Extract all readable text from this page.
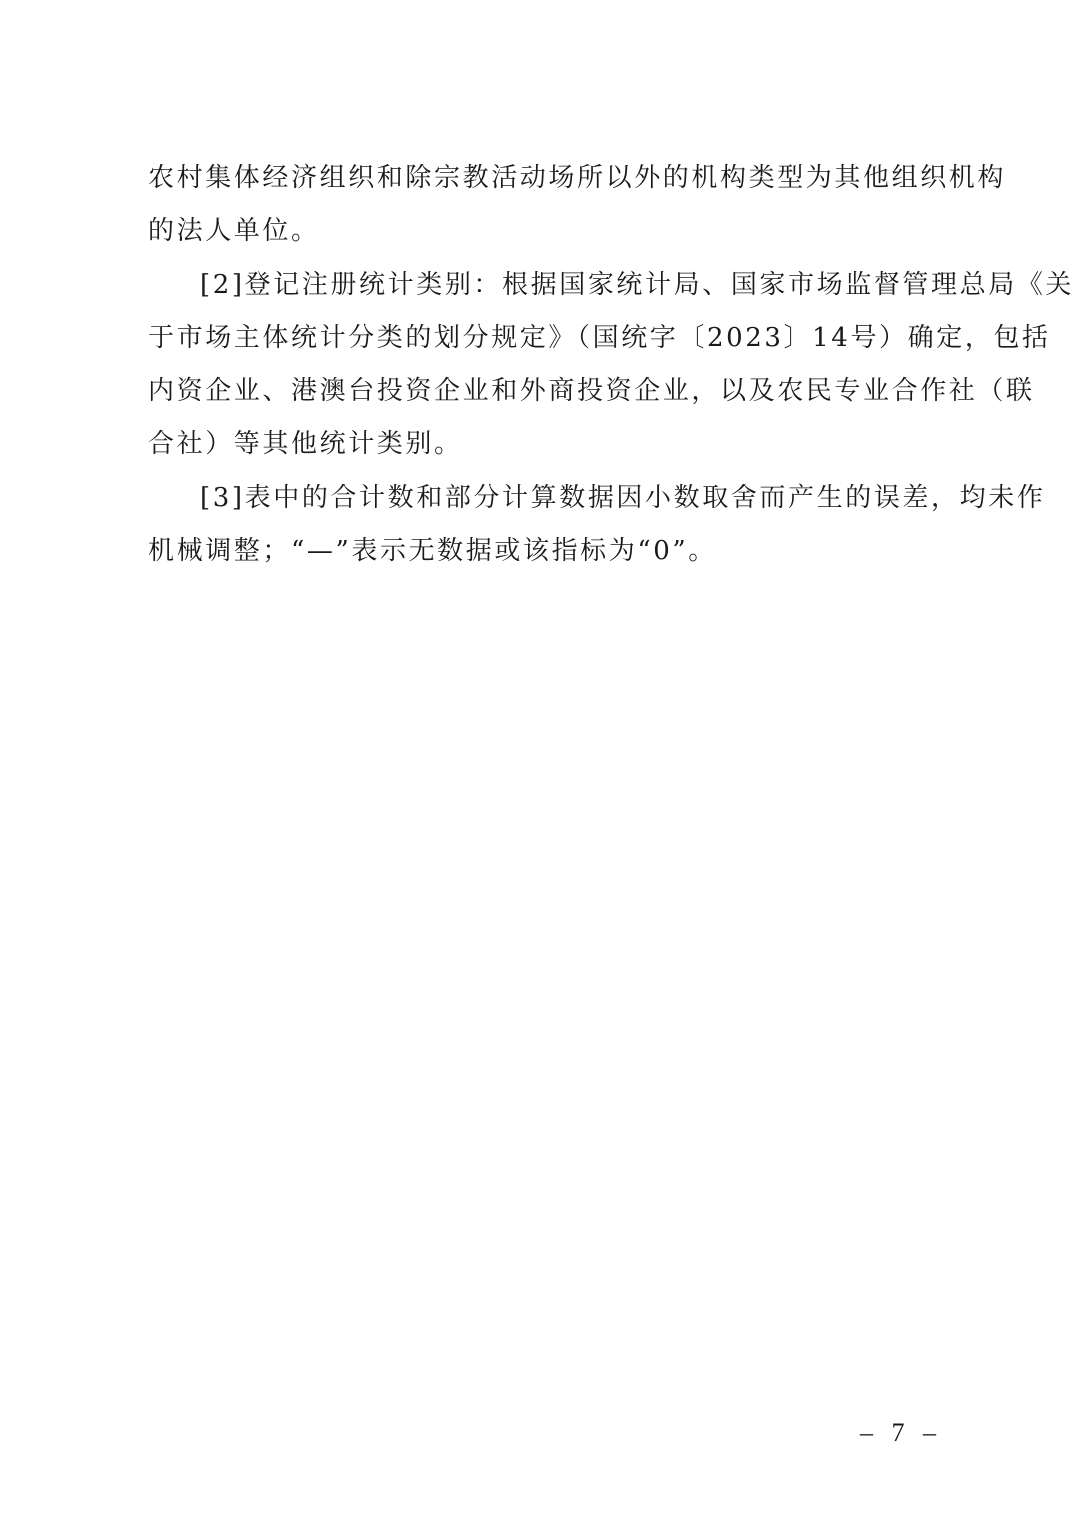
农村集体经济组织和除宗教活动场所以外的机构类型为其他组织机构
的法人单位。
[2]登记注册统计类别：根据国家统计局、国家市场监督管理总局《关
于市场主体统计分类的划分规定》（国统字〔2023〕14号）确定，包括
内资企业、港澳台投资企业和外商投资企业，以及农民专业合作社（联
合社）等其他统计类别。
[3]表中的合计数和部分计算数据因小数取舍而产生的误差，均未作
机械调整；“—”表示无数据或该指标为“0”。
– 7 –
